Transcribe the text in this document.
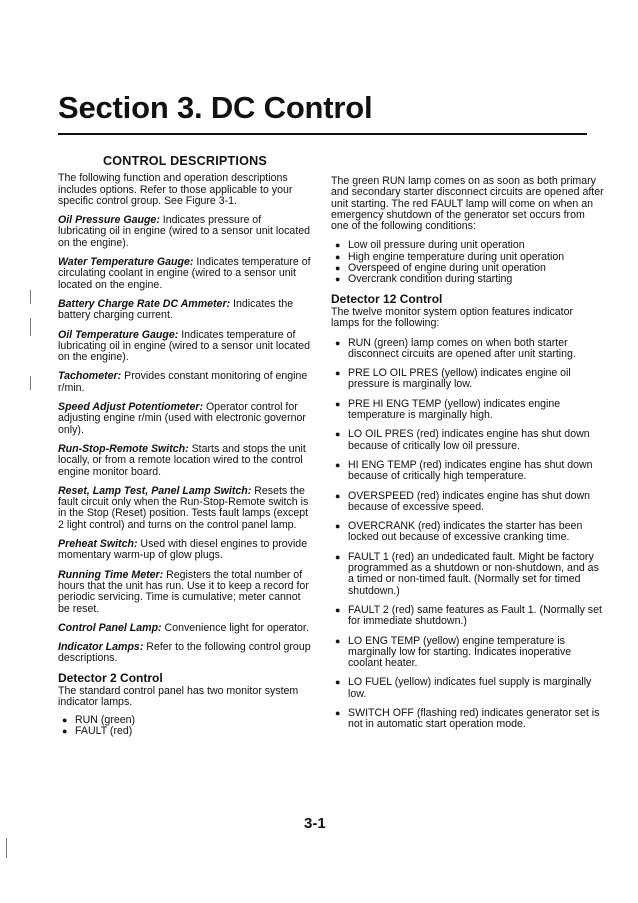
Section 3. DC Control
CONTROL DESCRIPTIONS

The following function and operation descriptions includes options. Refer to those applicable to your specific control group. See Figure 3-1.

Oil Pressure Gauge: Indicates pressure of lubricating oil in engine (wired to a sensor unit located on the engine).

Water Temperature Gauge: Indicates temperature of circulating coolant in engine (wired to a sensor unit located on the engine.

Battery Charge Rate DC Ammeter: Indicates the battery charging current.

Oil Temperature Gauge: Indicates temperature of lubricating oil in engine (wired to a sensor unit located on the engine).

Tachometer: Provides constant monitoring of engine r/min.

Speed Adjust Potentiometer: Operator control for adjusting engine r/min (used with electronic governor only).

Run-Stop-Remote Switch: Starts and stops the unit locally, or from a remote location wired to the control engine monitor board.

Reset, Lamp Test, Panel Lamp Switch: Resets the fault circuit only when the Run-Stop-Remote switch is in the Stop (Reset) position. Tests fault lamps (except 2 light control) and turns on the control panel lamp.

Preheat Switch: Used with diesel engines to provide momentary warm-up of glow plugs.

Running Time Meter: Registers the total number of hours that the unit has run. Use it to keep a record for periodic servicing. Time is cumulative; meter cannot be reset.

Control Panel Lamp: Convenience light for operator.

Indicator Lamps: Refer to the following control group descriptions.

Detector 2 Control

The standard control panel has two monitor system indicator lamps.

● RUN (green)
● FAULT (red)

The green RUN lamp comes on as soon as both primary and secondary starter disconnect circuits are opened after unit starting. The red FAULT lamp will come on when an emergency shutdown of the generator set occurs from one of the following conditions:

● Low oil pressure during unit operation
● High engine temperature during unit operation
● Overspeed of engine during unit operation
● Overcrank condition during starting
Detector 12 Control

The twelve monitor system option features indicator lamps for the following:

● RUN (green) lamp comes on when both starter disconnect circuits are opened after unit starting.
● PRE LO OIL PRES (yellow) indicates engine oil pressure is marginally low.
● PRE HI ENG TEMP (yellow) indicates engine temperature is marginally high.
● LO OIL PRES (red) indicates engine has shut down because of critically low oil pressure.
● HI ENG TEMP (red) indicates engine has shut down because of critically high temperature.
● OVERSPEED (red) indicates engine has shut down because of excessive speed.
● OVERCRANK (red) indicates the starter has been locked out because of excessive cranking time.
● FAULT 1 (red) an undedicated fault. Might be factory programmed as a shutdown or non-shutdown, and as a timed or non-timed fault. (Normally set for timed shutdown.)
● FAULT 2 (red) same features as Fault 1. (Normally set for immediate shutdown.)
● LO ENG TEMP (yellow) engine temperature is marginally low for starting. Indicates inoperative coolant heater.
● LO FUEL (yellow) indicates fuel supply is marginally low.
● SWITCH OFF (flashing red) indicates generator set is not in automatic start operation mode.
3-1
